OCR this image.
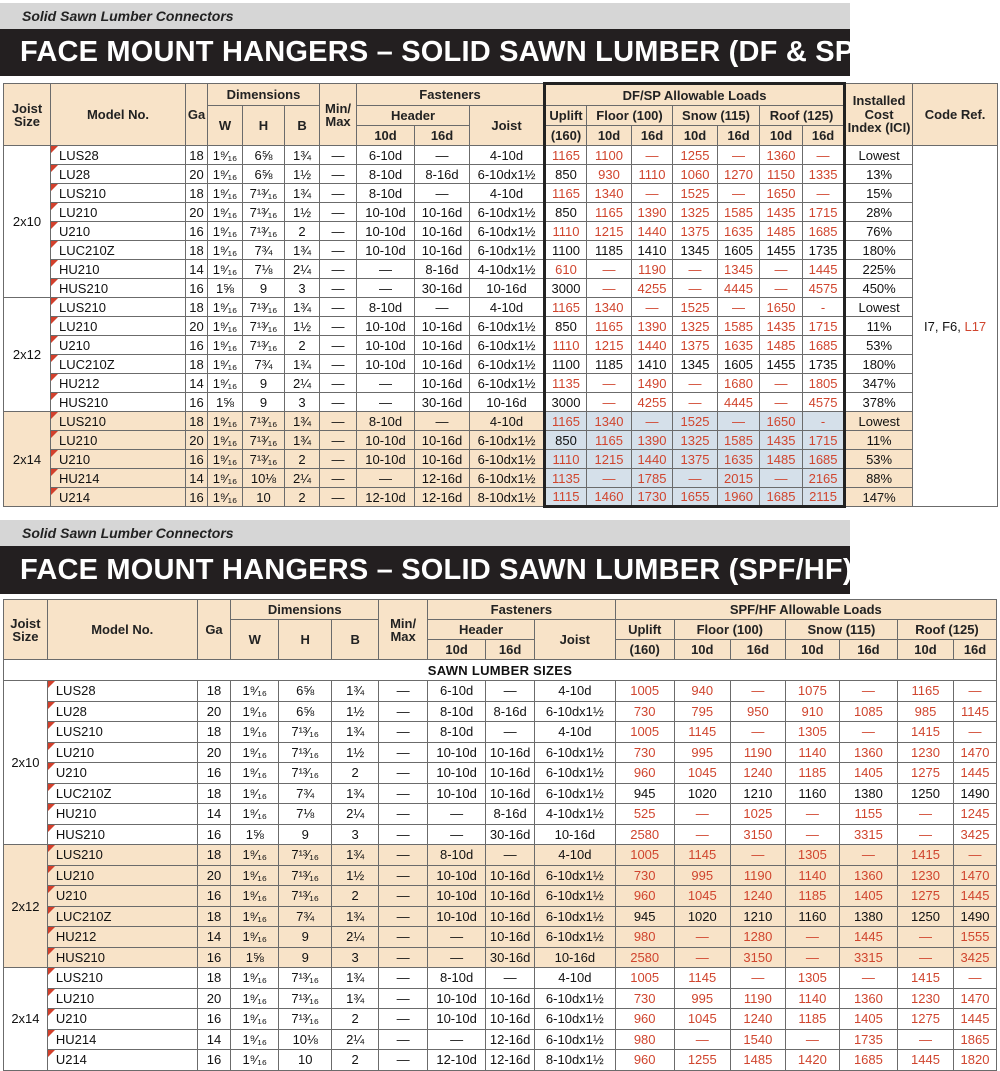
Solid Sawn Lumber Connectors
FACE MOUNT HANGERS – SOLID SAWN LUMBER (DF & SP)
Joist Size	Model No.	Ga	Dimensions			Min/ Max	Fasteners			DF/SP Allowable Loads							Installed Cost Index (ICI)	Code Ref.
			W	H	B		Header		Joist	Uplift	Floor (100)		Snow (115)		Roof (125)			
							10d	16d		(160)	10d	16d	10d	16d	10d	16d		
2x10	LUS28	18	1⁹⁄₁₆	6⅝	1¾	—	6-10d	—	4-10d	1165	1100	—	1255	—	1360	—	Lowest	I7, F6, L17
	LU28	20	1⁹⁄₁₆	6⅝	1½	—	8-10d	8-16d	6-10dx1½	850	930	1110	1060	1270	1150	1335	13%	
	LUS210	18	1⁹⁄₁₆	7¹³⁄₁₆	1¾	—	8-10d	—	4-10d	1165	1340	—	1525	—	1650	—	15%	
	LU210	20	1⁹⁄₁₆	7¹³⁄₁₆	1½	—	10-10d	10-16d	6-10dx1½	850	1165	1390	1325	1585	1435	1715	28%	
	U210	16	1⁹⁄₁₆	7¹³⁄₁₆	2	—	10-10d	10-16d	6-10dx1½	1110	1215	1440	1375	1635	1485	1685	76%	
	LUC210Z	18	1⁹⁄₁₆	7¾	1¾	—	10-10d	10-16d	6-10dx1½	1100	1185	1410	1345	1605	1455	1735	180%	
	HU210	14	1⁹⁄₁₆	7⅛	2¼	—	—	8-16d	4-10dx1½	610	—	1190	—	1345	—	1445	225%	
	HUS210	16	1⅝	9	3	—	—	30-16d	10-16d	3000	—	4255	—	4445	—	4575	450%	
2x12	LUS210	18	1⁹⁄₁₆	7¹³⁄₁₆	1¾	—	8-10d	—	4-10d	1165	1340	—	1525	—	1650	-	Lowest	
	LU210	20	1⁹⁄₁₆	7¹³⁄₁₆	1½	—	10-10d	10-16d	6-10dx1½	850	1165	1390	1325	1585	1435	1715	11%	
	U210	16	1⁹⁄₁₆	7¹³⁄₁₆	2	—	10-10d	10-16d	6-10dx1½	1110	1215	1440	1375	1635	1485	1685	53%	
	LUC210Z	18	1⁹⁄₁₆	7¾	1¾	—	10-10d	10-16d	6-10dx1½	1100	1185	1410	1345	1605	1455	1735	180%	
	HU212	14	1⁹⁄₁₆	9	2¼	—	—	10-16d	6-10dx1½	1135	—	1490	—	1680	—	1805	347%	
	HUS210	16	1⅝	9	3	—	—	30-16d	10-16d	3000	—	4255	—	4445	—	4575	378%	
2x14	LUS210	18	1⁹⁄₁₆	7¹³⁄₁₆	1¾	—	8-10d	—	4-10d	1165	1340	—	1525	—	1650	-	Lowest	
	LU210	20	1⁹⁄₁₆	7¹³⁄₁₆	1¾	—	10-10d	10-16d	6-10dx1½	850	1165	1390	1325	1585	1435	1715	11%	
	U210	16	1⁹⁄₁₆	7¹³⁄₁₆	2	—	10-10d	10-16d	6-10dx1½	1110	1215	1440	1375	1635	1485	1685	53%	
	HU214	14	1⁹⁄₁₆	10⅛	2¼	—	—	12-16d	6-10dx1½	1135	—	1785	—	2015	—	2165	88%	
	U214	16	1⁹⁄₁₆	10	2	—	12-10d	12-16d	8-10dx1½	1115	1460	1730	1655	1960	1685	2115	147%	
Solid Sawn Lumber Connectors
FACE MOUNT HANGERS – SOLID SAWN LUMBER (SPF/HF)
Joist Size	Model No.	Ga	Dimensions			Min/ Max	Fasteners			SPF/HF Allowable Loads						
			W	H	B		Header		Joist	Uplift	Floor (100)		Snow (115)		Roof (125)	
							10d	16d		(160)	10d	16d	10d	16d	10d	16d
SAWN LUMBER SIZES																
2x10	LUS28	18	1⁹⁄₁₆	6⅝	1¾	—	6-10d	—	4-10d	1005	940	—	1075	—	1165	—
	LU28	20	1⁹⁄₁₆	6⅝	1½	—	8-10d	8-16d	6-10dx1½	730	795	950	910	1085	985	1145
	LUS210	18	1⁹⁄₁₆	7¹³⁄₁₆	1¾	—	8-10d	—	4-10d	1005	1145	—	1305	—	1415	—
	LU210	20	1⁹⁄₁₆	7¹³⁄₁₆	1½	—	10-10d	10-16d	6-10dx1½	730	995	1190	1140	1360	1230	1470
	U210	16	1⁹⁄₁₆	7¹³⁄₁₆	2	—	10-10d	10-16d	6-10dx1½	960	1045	1240	1185	1405	1275	1445
	LUC210Z	18	1⁹⁄₁₆	7¾	1¾	—	10-10d	10-16d	6-10dx1½	945	1020	1210	1160	1380	1250	1490
	HU210	14	1⁹⁄₁₆	7⅛	2¼	—	—	8-16d	4-10dx1½	525	—	1025	—	1155	—	1245
	HUS210	16	1⅝	9	3	—	—	30-16d	10-16d	2580	—	3150	—	3315	—	3425
2x12	LUS210	18	1⁹⁄₁₆	7¹³⁄₁₆	1¾	—	8-10d	—	4-10d	1005	1145	—	1305	—	1415	—
	LU210	20	1⁹⁄₁₆	7¹³⁄₁₆	1½	—	10-10d	10-16d	6-10dx1½	730	995	1190	1140	1360	1230	1470
	U210	16	1⁹⁄₁₆	7¹³⁄₁₆	2	—	10-10d	10-16d	6-10dx1½	960	1045	1240	1185	1405	1275	1445
	LUC210Z	18	1⁹⁄₁₆	7¾	1¾	—	10-10d	10-16d	6-10dx1½	945	1020	1210	1160	1380	1250	1490
	HU212	14	1⁹⁄₁₆	9	2¼	—	—	10-16d	6-10dx1½	980	—	1280	—	1445	—	1555
	HUS210	16	1⅝	9	3	—	—	30-16d	10-16d	2580	—	3150	—	3315	—	3425
2x14	LUS210	18	1⁹⁄₁₆	7¹³⁄₁₆	1¾	—	8-10d	—	4-10d	1005	1145	—	1305	—	1415	—
	LU210	20	1⁹⁄₁₆	7¹³⁄₁₆	1¾	—	10-10d	10-16d	6-10dx1½	730	995	1190	1140	1360	1230	1470
	U210	16	1⁹⁄₁₆	7¹³⁄₁₆	2	—	10-10d	10-16d	6-10dx1½	960	1045	1240	1185	1405	1275	1445
	HU214	14	1⁹⁄₁₆	10⅛	2¼	—	—	12-16d	6-10dx1½	980	—	1540	—	1735	—	1865
	U214	16	1⁹⁄₁₆	10	2	—	12-10d	12-16d	8-10dx1½	960	1255	1485	1420	1685	1445	1820
